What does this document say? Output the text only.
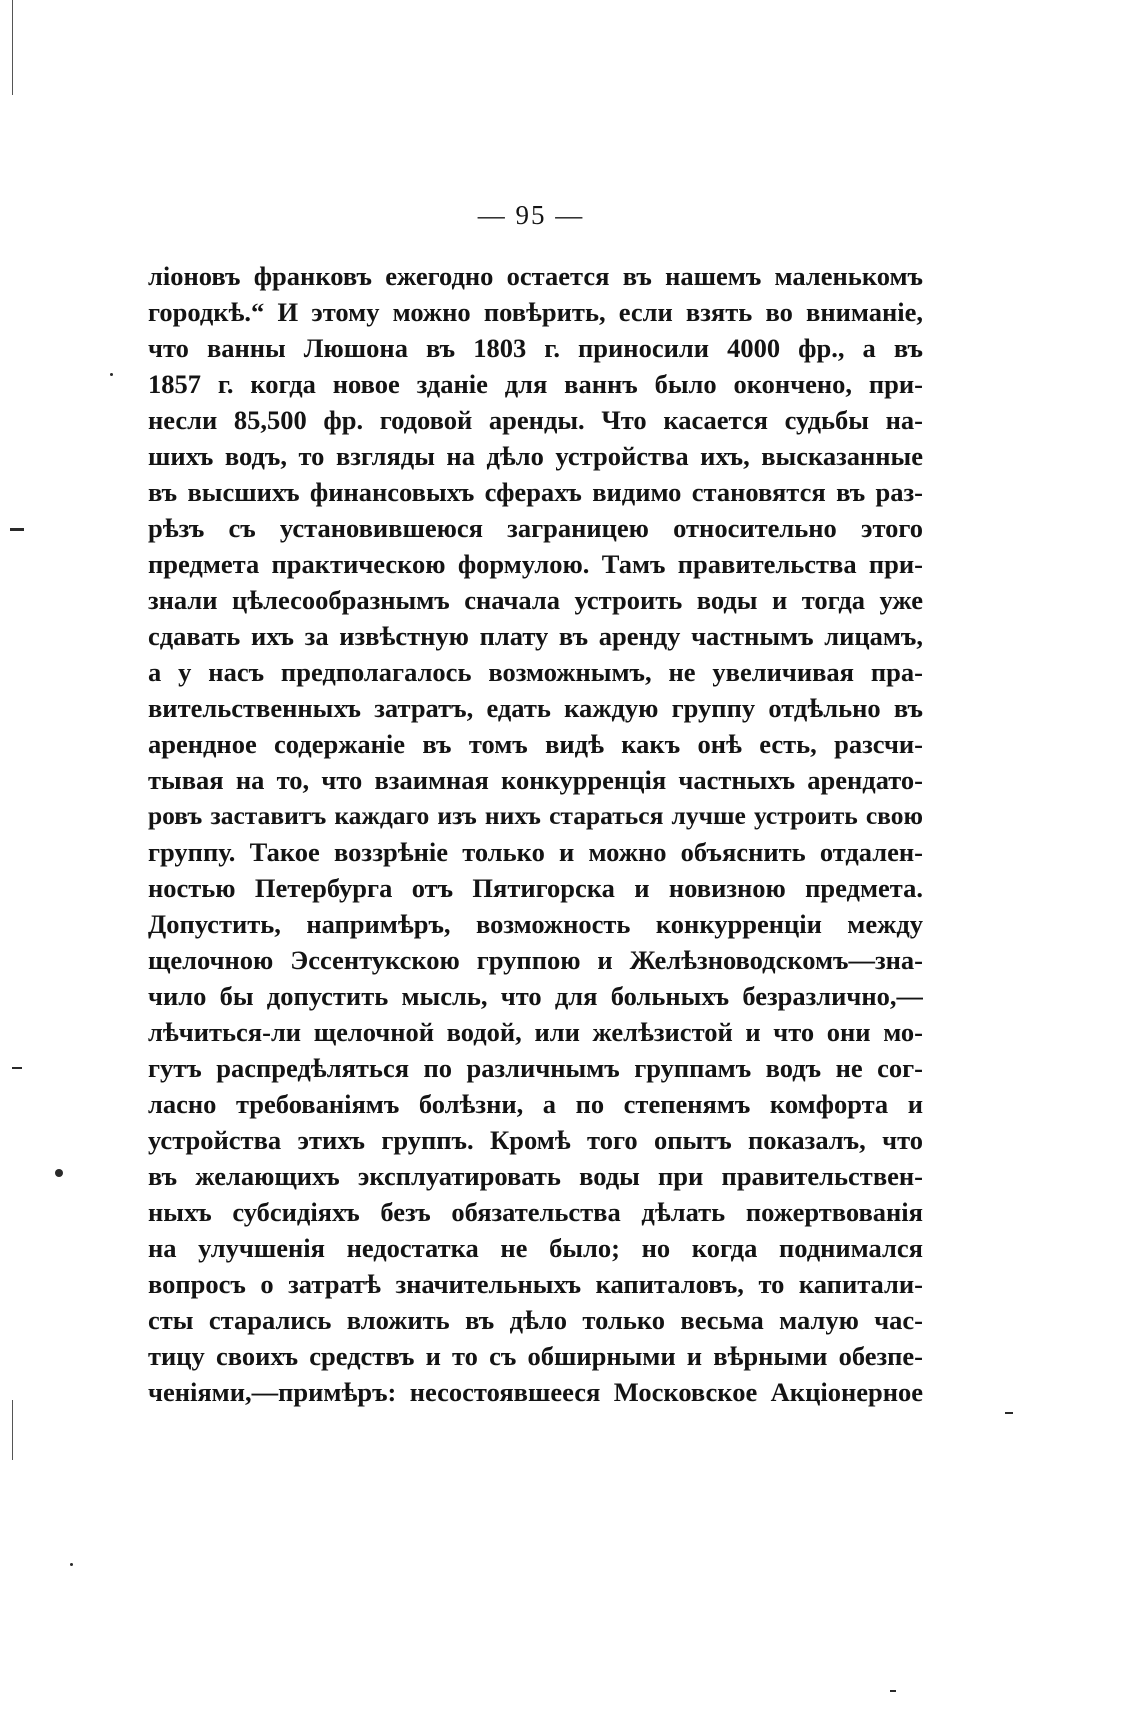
— 95 —
ліоновъ франковъ ежегодно остается въ нашемъ маленькомъ
городкѣ.“ И этому можно повѣрить, если взять во вниманіе,
что ванны Люшона въ 1803 г. приносили 4000 фр., а въ
1857 г. когда новое зданіе для ваннъ было окончено, при-
несли 85,500 фр. годовой аренды. Что касается судьбы на-
шихъ водъ, то взгляды на дѣло устройства ихъ, высказанные
въ высшихъ финансовыхъ сферахъ видимо становятся въ раз-
рѣзъ съ установившеюся заграницею относительно этого
предмета практическою формулою. Тамъ правительства при-
знали цѣлесообразнымъ сначала устроить воды и тогда уже
сдавать ихъ за извѣстную плату въ аренду частнымъ лицамъ,
а у насъ предполагалось возможнымъ, не увеличивая пра-
вительственныхъ затратъ, едать каждую группу отдѣльно въ
арендное содержаніе въ томъ видѣ какъ онѣ есть, разсчи-
тывая на то, что взаимная конкурренція частныхъ арендато-
ровъ заставитъ каждаго изъ нихъ стараться лучше устроить свою
группу. Такое воззрѣніе только и можно объяснить отдален-
ностью Петербурга отъ Пятигорска и новизною предмета.
Допустить, напримѣръ, возможность конкурренціи между
щелочною Эссентукскою группою и Желѣзноводскомъ—зна-
чило бы допустить мысль, что для больныхъ безразлично,—
лѣчиться-ли щелочной водой, или желѣзистой и что они мо-
гутъ распредѣляться по различнымъ группамъ водъ не сог-
ласно требованіямъ болѣзни, а по степенямъ комфорта и
устройства этихъ группъ. Кромѣ того опытъ показалъ, что
въ желающихъ эксплуатировать воды при правительствен-
ныхъ субсидіяхъ безъ обязательства дѣлать пожертвованія
на улучшенія недостатка не было; но когда поднимался
вопросъ о затратѣ значительныхъ капиталовъ, то капитали-
сты старались вложить въ дѣло только весьма малую час-
тицу своихъ средствъ и то съ обширными и вѣрными обезпе-
ченіями,—примѣръ: несостоявшееся Московское Акціонерное
